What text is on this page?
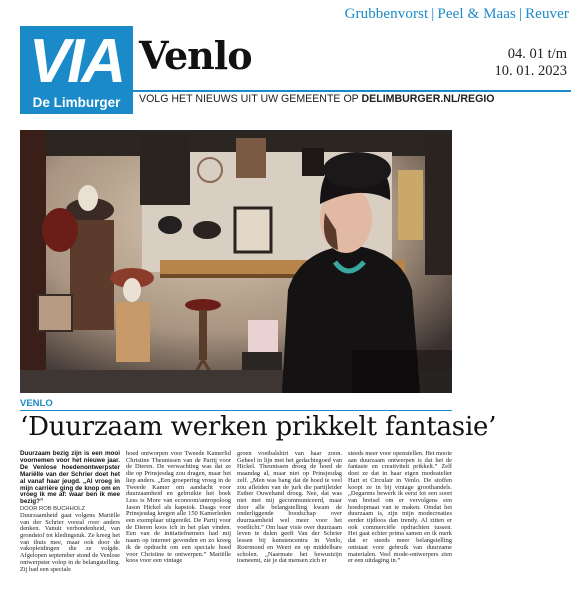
Grubbenvorst | Peel & Maas | Reuver
VIA
De Limburger
Venlo	04. 01 t/m
10. 01. 2023
VOLG HET NIEUWS UIT UW GEMEENTE OP DELIMBURGER.NL/REGIO
VENLO
‘Duurzaam werken prikkelt fantasie’

Duurzaam bezig zijn is een mooi voornemen voor het nieuwe jaar. De Venlose hoedenontwerpster Mariëlle van der Schrier doet het al vanaf haar jeugd. „Al vroeg in mijn carrière ging de knop om en vroeg ik me af: waar ben ik mee bezig?”

DOOR ROB BUCHHOLZ

Duurzaamheid gaat volgens Mariëlle van der Schrier vooral over anders denken. Vanuit verbondenheid, van grondstof tot kledingstuk. Ze kreeg het van thuis mee, maar ook door de vakopleidingen die ze volgde. Afgelopen september stond de Venlose ontwerpster volop in de belangstelling. Zij had een speciale

hoed ontworpen voor Tweede Kamerlid Christine Theunissen van de Partij voor de Dieren. De verwachting was dat ze die op Prinsjesdag zou dragen, maar het liep anders. „Een groepering vroeg in de Tweede Kamer om aandacht voor duurzaamheid en gebruikte het boek Less is More van econoom/antropoloog Jason Hickel als kapstok. Daags voor Prinsjesdag kregen alle 150 Kamerleden een exemplaar uitgereikt. De Partij voor de Dieren koos ich in het plan vinden. Een van de initiatiefnemers had mij naam op internet gevonden en zo kreeg ik de opdracht om een speciale hoed voor Christine te ontwerpen.” Mariëlle koos voor een vintage

groen voetbalshirt van haar zoon. Geheel in lijn met het gedachtegoed van Hickel. Theunissen droeg de hoed de maandag al, maar niet op Prinsjesdag zelf. „Men was bang dat de hoed te veel zou afleiden van de jurk die partijleider Esther Ouwehand droeg. Nee, dat was niet met mij gecommuniceerd, maar door alle belangstelling kwam de onderliggende boodschap over duurzaamheid wel meer voor het voetlicht.” Om haar visie over duurzaam leven te delen geeft Van der Schrier lessen bij kunstencentra in Venlo, Roermond en Weert en op middelbare scholen. „Naarmate het bewustzijn toeneemt, zie je dat mensen zich er

steeds meer voor openstellen. Het mooie aan duurzaam ontwerpen is dat het de fantasie en creativiteit prikkelt.” Zelf doet ze dat in haar eigen modeatelier Hart et Circulair in Venlo. De stoffen koopt ze in bij vintage groothandels. „Degarens bewerk ik eerst tot een soort van breisel om er vervolgens een hoedopmaat van te maken. Omdat het duurzaam is, zijn mijn modecreaties eerder tijdloos dan trendy. Al zitten er ook commerciële opdrachten tussen. Het gaat echter prima samen en ik merk dat er steeds meer belangstelling ontstaat voor gebruik van duurzame materialen. Veel mode-ontwerpers zien er een uitdaging in.”
